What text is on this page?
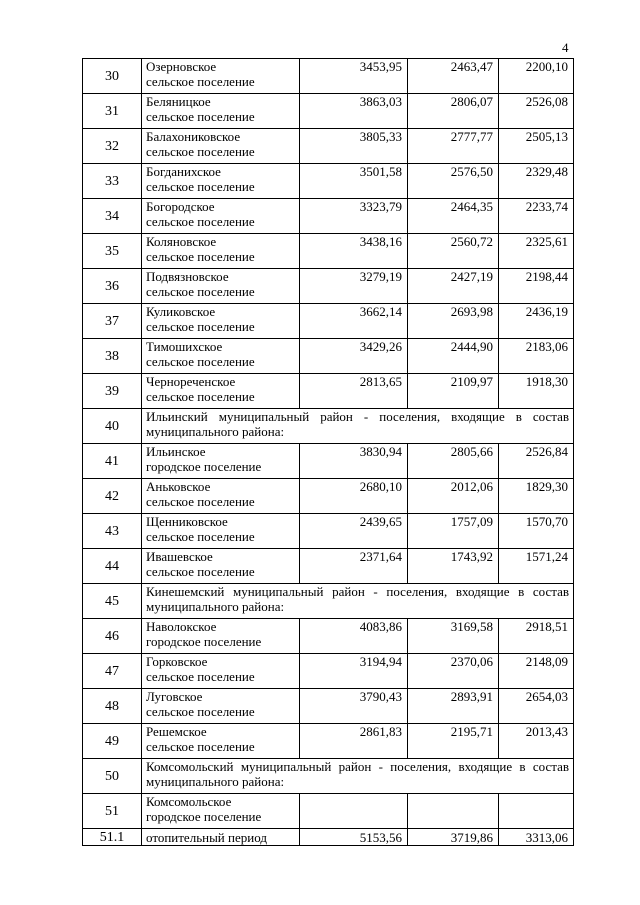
4
30	Озерновское
сельское поселение	3453,95	2463,47	2200,10
31	Беляницкое
сельское поселение	3863,03	2806,07	2526,08
32	Балахониковское
сельское поселение	3805,33	2777,77	2505,13
33	Богданихское
сельское поселение	3501,58	2576,50	2329,48
34	Богородское
сельское поселение	3323,79	2464,35	2233,74
35	Коляновское
сельское поселение	3438,16	2560,72	2325,61
36	Подвязновское
сельское поселение	3279,19	2427,19	2198,44
37	Куликовское
сельское поселение	3662,14	2693,98	2436,19
38	Тимошихское
сельское поселение	3429,26	2444,90	2183,06
39	Чернореченское
сельское поселение	2813,65	2109,97	1918,30
40	Ильинский муниципальный район - поселения, входящие в состав муниципального района:			
41	Ильинское
городское поселение	3830,94	2805,66	2526,84
42	Аньковское
сельское поселение	2680,10	2012,06	1829,30
43	Щенниковское
сельское поселение	2439,65	1757,09	1570,70
44	Ивашевское
сельское поселение	2371,64	1743,92	1571,24
45	Кинешемский муниципальный район - поселения, входящие в состав муниципального района:			
46	Наволокское
городское поселение	4083,86	3169,58	2918,51
47	Горковское
сельское поселение	3194,94	2370,06	2148,09
48	Луговское
сельское поселение	3790,43	2893,91	2654,03
49	Решемское
сельское поселение	2861,83	2195,71	2013,43
50	Комсомольский муниципальный район - поселения, входящие в состав муниципального района:			
51	Комсомольское
городское поселение			

51.1	отопительный период	5153,56	3719,86	3313,06
